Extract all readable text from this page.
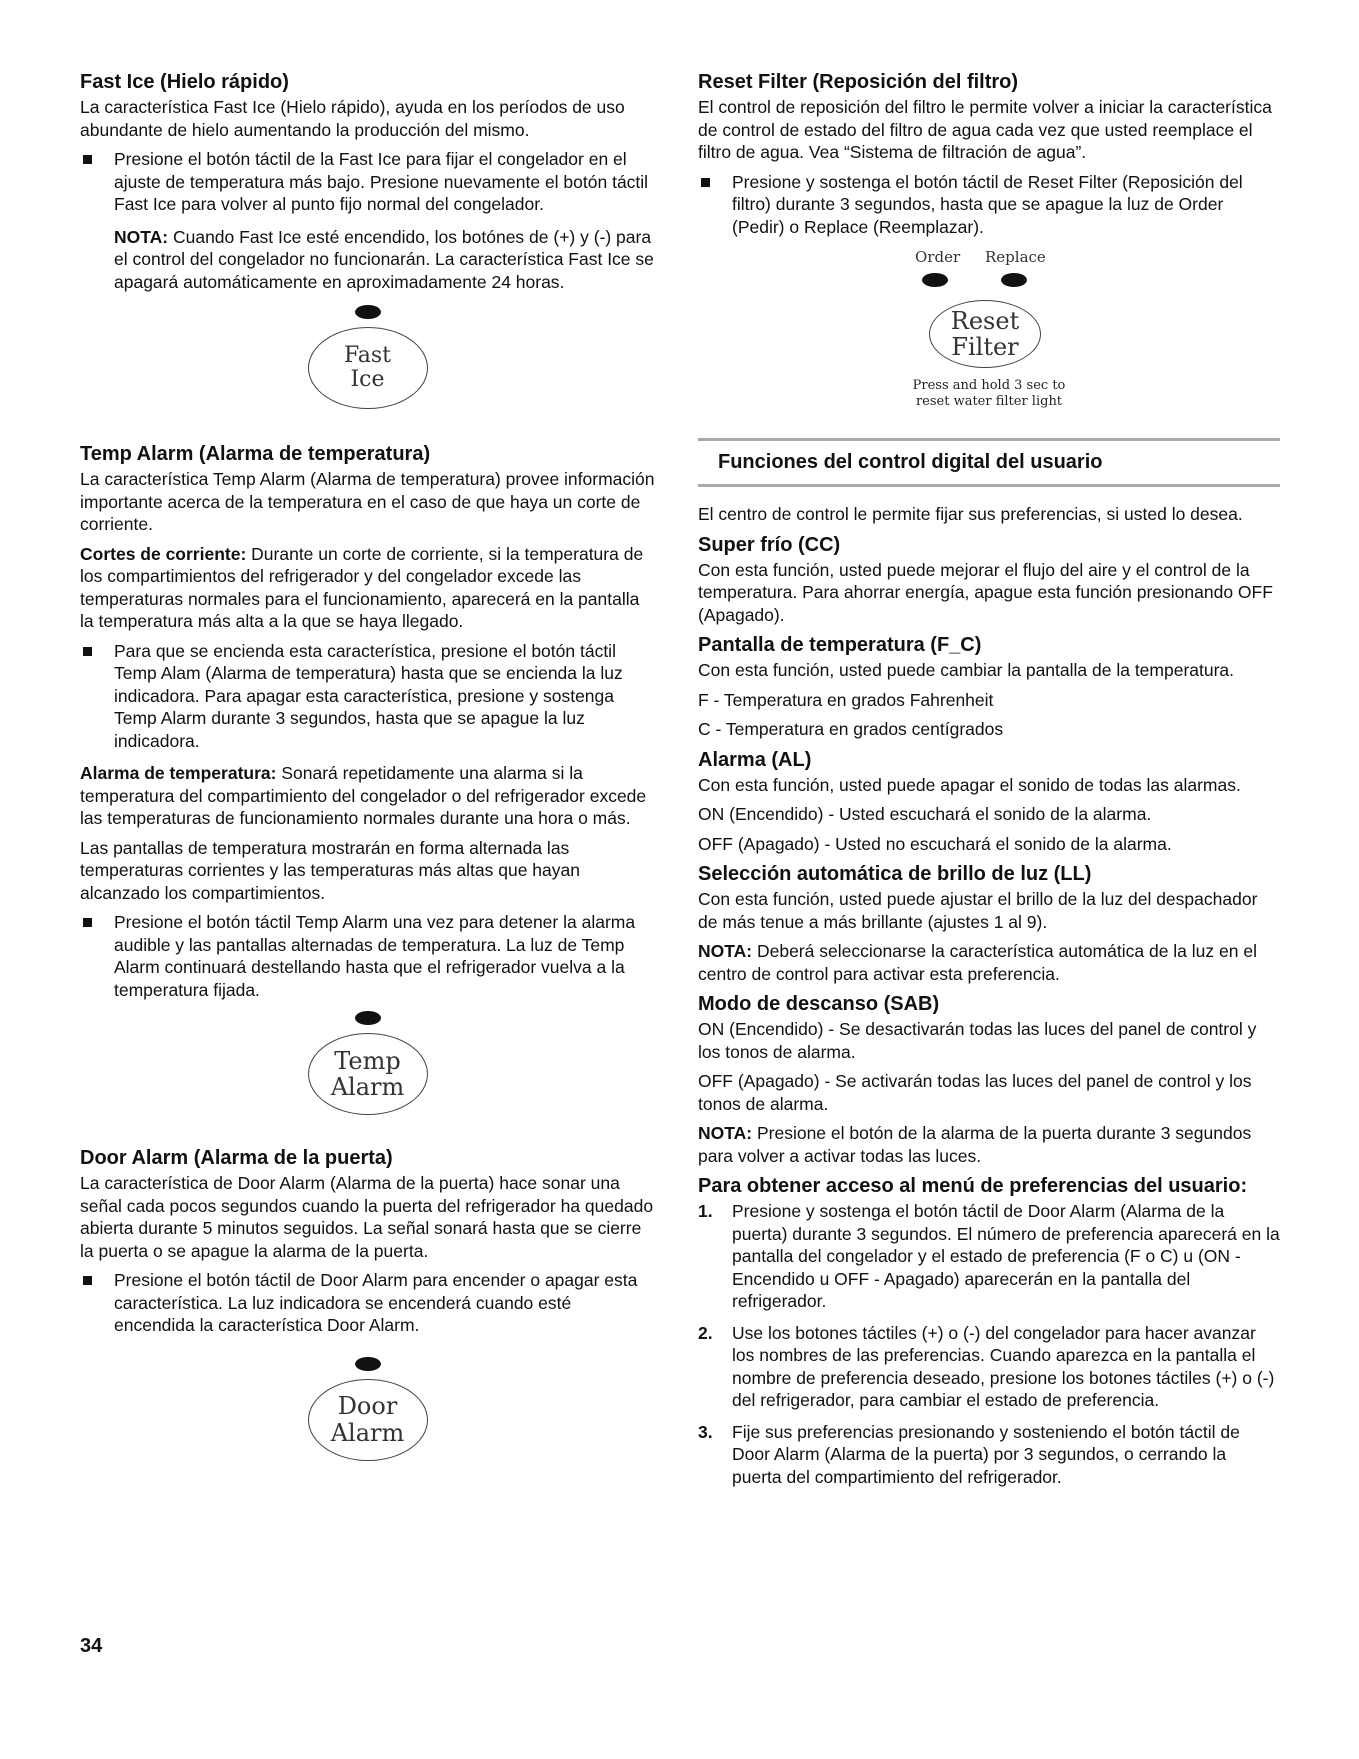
Fast Ice (Hielo rápido)

La característica Fast Ice (Hielo rápido), ayuda en los períodos de uso abundante de hielo aumentando la producción del mismo.

Presione el botón táctil de la Fast Ice para fijar el congelador en el ajuste de temperatura más bajo. Presione nuevamente el botón táctil Fast Ice para volver al punto fijo normal del congelador.
NOTA: Cuando Fast Ice esté encendido, los botónes de (+) y (-) para el control del congelador no funcionarán. La característica Fast Ice se apagará automáticamente en aproximadamente 24 horas.
Fast
Ice
Temp Alarm (Alarma de temperatura)

La característica Temp Alarm (Alarma de temperatura) provee información importante acerca de la temperatura en el caso de que haya un corte de corriente.

Cortes de corriente: Durante un corte de corriente, si la temperatura de los compartimientos del refrigerador y del congelador excede las temperaturas normales para el funcionamiento, aparecerá en la pantalla la temperatura más alta a la que se haya llegado.

Para que se encienda esta característica, presione el botón táctil Temp Alam (Alarma de temperatura) hasta que se encienda la luz indicadora. Para apagar esta característica, presione y sostenga Temp Alarm durante 3 segundos, hasta que se apague la luz indicadora.

Alarma de temperatura: Sonará repetidamente una alarma si la temperatura del compartimiento del congelador o del refrigerador excede las temperaturas de funcionamiento normales durante una hora o más.

Las pantallas de temperatura mostrarán en forma alternada las temperaturas corrientes y las temperaturas más altas que hayan alcanzado los compartimientos.

Presione el botón táctil Temp Alarm una vez para detener la alarma audible y las pantallas alternadas de temperatura. La luz de Temp Alarm continuará destellando hasta que el refrigerador vuelva a la temperatura fijada.
Temp
Alarm
Door Alarm (Alarma de la puerta)

La característica de Door Alarm (Alarma de la puerta) hace sonar una señal cada pocos segundos cuando la puerta del refrigerador ha quedado abierta durante 5 minutos seguidos. La señal sonará hasta que se cierre la puerta o se apague la alarma de la puerta.

Presione el botón táctil de Door Alarm para encender o apagar esta característica. La luz indicadora se encenderá cuando esté encendida la característica Door Alarm.
Door
Alarm
Reset Filter (Reposición del filtro)

El control de reposición del filtro le permite volver a iniciar la característica de control de estado del filtro de agua cada vez que usted reemplace el filtro de agua. Vea “Sistema de filtración de agua”.

Presione y sostenga el botón táctil de Reset Filter (Reposición del filtro) durante 3 segundos, hasta que se apague la luz de Order (Pedir) o Replace (Reemplazar).
Order Replace
Reset
Filter
Press and hold 3 sec to
reset water filter light
Funciones del control digital del usuario

El centro de control le permite fijar sus preferencias, si usted lo desea.

Super frío (CC)

Con esta función, usted puede mejorar el flujo del aire y el control de la temperatura. Para ahorrar energía, apague esta función presionando OFF (Apagado).

Pantalla de temperatura (F_C)

Con esta función, usted puede cambiar la pantalla de la temperatura.

F - Temperatura en grados Fahrenheit

C - Temperatura en grados centígrados

Alarma (AL)

Con esta función, usted puede apagar el sonido de todas las alarmas.

ON (Encendido) - Usted escuchará el sonido de la alarma.

OFF (Apagado) - Usted no escuchará el sonido de la alarma.

Selección automática de brillo de luz (LL)

Con esta función, usted puede ajustar el brillo de la luz del despachador de más tenue a más brillante (ajustes 1 al 9).

NOTA: Deberá seleccionarse la característica automática de la luz en el centro de control para activar esta preferencia.

Modo de descanso (SAB)

ON (Encendido) - Se desactivarán todas las luces del panel de control y los tonos de alarma.

OFF (Apagado) - Se activarán todas las luces del panel de control y los tonos de alarma.

NOTA: Presione el botón de la alarma de la puerta durante 3 segundos para volver a activar todas las luces.

Para obtener acceso al menú de preferencias del usuario:
1. Presione y sostenga el botón táctil de Door Alarm (Alarma de la puerta) durante 3 segundos. El número de preferencia aparecerá en la pantalla del congelador y el estado de preferencia (F o C) u (ON - Encendido u OFF - Apagado) aparecerán en la pantalla del refrigerador.
2. Use los botones táctiles (+) o (-) del congelador para hacer avanzar los nombres de las preferencias. Cuando aparezca en la pantalla el nombre de preferencia deseado, presione los botones táctiles (+) o (-) del refrigerador, para cambiar el estado de preferencia.
3. Fije sus preferencias presionando y sosteniendo el botón táctil de Door Alarm (Alarma de la puerta) por 3 segundos, o cerrando la puerta del compartimiento del refrigerador.
34
